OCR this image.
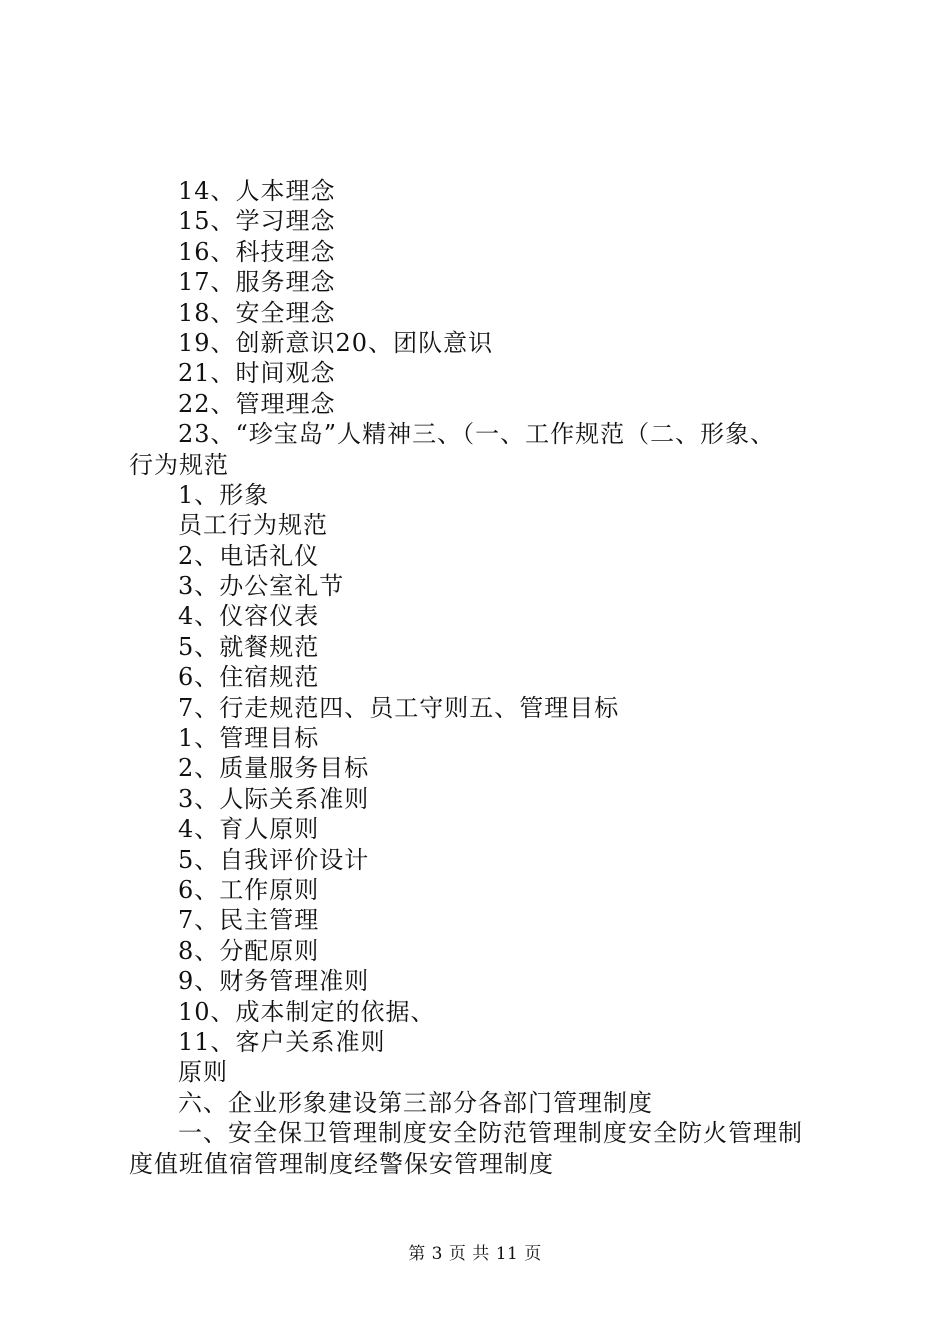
14、人本理念
15、学习理念
16、科技理念
17、服务理念
18、安全理念
19、创新意识20、团队意识
21、时间观念
22、管理理念
23、“珍宝岛”人精神三、（一、工作规范（二、形象、
行为规范
1、形象
员工行为规范
2、电话礼仪
3、办公室礼节
4、仪容仪表
5、就餐规范
6、住宿规范
7、行走规范四、员工守则五、管理目标
1、管理目标
2、质量服务目标
3、人际关系准则
4、育人原则
5、自我评价设计
6、工作原则
7、民主管理
8、分配原则
9、财务管理准则
10、成本制定的依据、
11、客户关系准则
原则
六、企业形象建设第三部分各部门管理制度
一、安全保卫管理制度安全防范管理制度安全防火管理制
度值班值宿管理制度经警保安管理制度
第 3 页 共 11 页
